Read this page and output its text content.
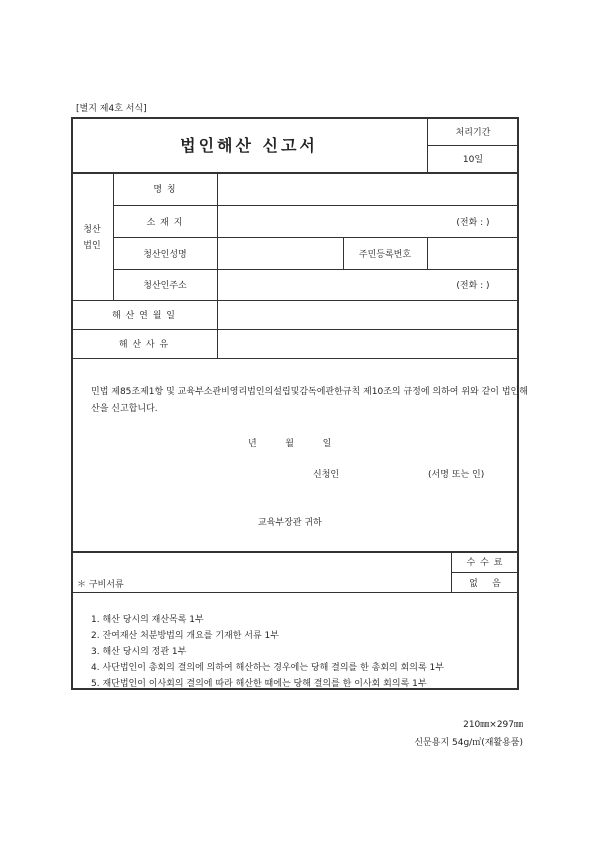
[별지 제4호 서식]
법인해산 신고서
처리기간
10일
청산
법인
명 칭
소 재 지	(전화 : )
청산인성명	주민등록번호
청산인주소	(전화 : )
해 산 연 월 일
해 산 사 유
민법 제85조제1항 및 교육부소관비영리법인의설립및감독에관한규칙 제10조의 규정에 의하여 위와 같이 법인해산을 신고합니다.
년          월          일
신청인	(서명 또는 인)
교육부장관 귀하
수 수 료
없     음
＊ 구비서류
1. 해산 당시의 재산목록 1부
2. 잔여재산 처분방법의 개요를 기재한 서류 1부
3. 해산 당시의 정관 1부
4. 사단법인이 총회의 결의에 의하여 해산하는 경우에는 당해 결의를 한 총회의 회의록 1부
5. 재단법인이 이사회의 결의에 따라 해산한 때에는 당해 결의를 한 이사회 회의록 1부
210㎜×297㎜
신문용지 54g/㎡(재활용품)
